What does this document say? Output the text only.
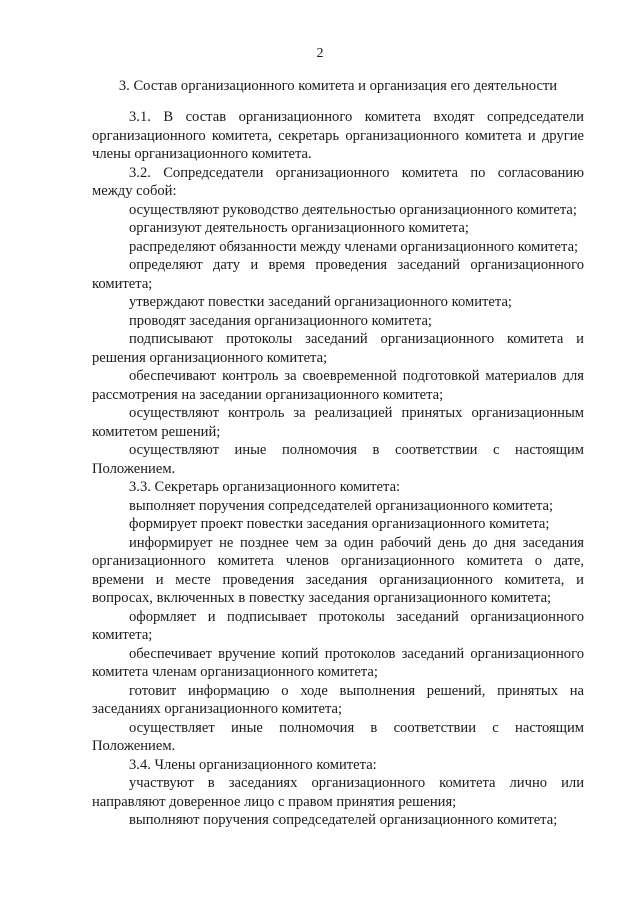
2
3. Состав организационного комитета и организация его деятельности

3.1. В состав организационного комитета входят сопредседатели организационного комитета, секретарь организационного комитета и другие члены организационного комитета.

3.2. Сопредседатели организационного комитета по согласованию между собой:

осуществляют руководство деятельностью организационного комитета;

организуют деятельность организационного комитета;

распределяют обязанности между членами организационного комитета;

определяют дату и время проведения заседаний организационного комитета;

утверждают повестки заседаний организационного комитета;

проводят заседания организационного комитета;

подписывают протоколы заседаний организационного комитета и решения организационного комитета;

обеспечивают контроль за своевременной подготовкой материалов для рассмотрения на заседании организационного комитета;

осуществляют контроль за реализацией принятых организационным комитетом решений;

осуществляют иные полномочия в соответствии с настоящим Положением.

3.3. Секретарь организационного комитета:

выполняет поручения сопредседателей организационного комитета;

формирует проект повестки заседания организационного комитета;

информирует не позднее чем за один рабочий день до дня заседания организационного комитета членов организационного комитета о дате, времени и месте проведения заседания организационного комитета, и вопросах, включенных в повестку заседания организационного комитета;

оформляет и подписывает протоколы заседаний организационного комитета;

обеспечивает вручение копий протоколов заседаний организационного комитета членам организационного комитета;

готовит информацию о ходе выполнения решений, принятых на заседаниях организационного комитета;

осуществляет иные полномочия в соответствии с настоящим Положением.

3.4. Члены организационного комитета:

участвуют в заседаниях организационного комитета лично или направляют доверенное лицо с правом принятия решения;

выполняют поручения сопредседателей организационного комитета;
